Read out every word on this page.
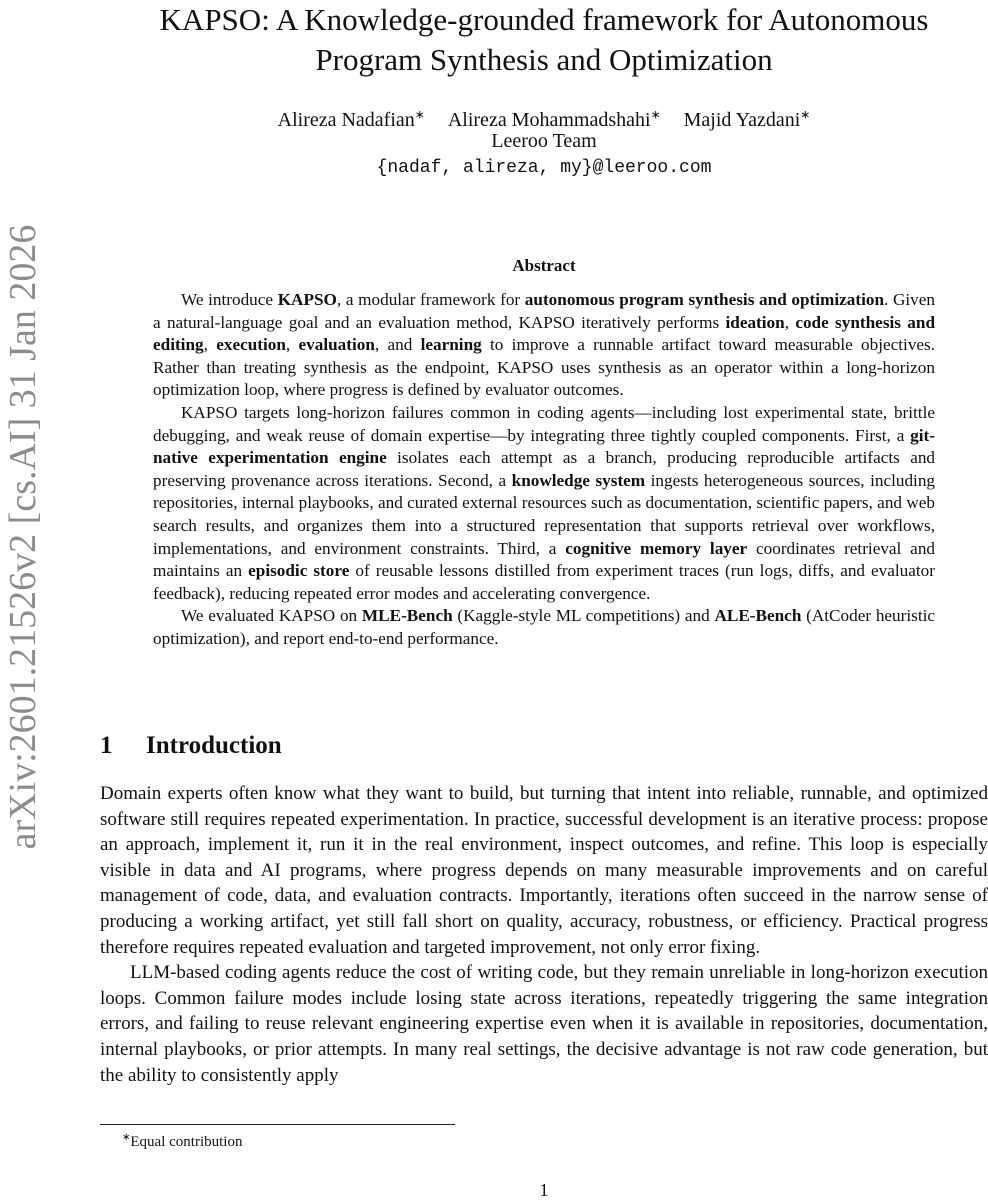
arXiv:2601.21526v2 [cs.AI] 31 Jan 2026
KAPSO: A Knowledge-grounded framework for Autonomous
Program Synthesis and Optimization
Alireza Nadafian∗ Alireza Mohammadshahi∗ Majid Yazdani∗
Leeroo Team
{nadaf, alireza, my}@leeroo.com
Abstract

We introduce KAPSO, a modular framework for autonomous program synthesis and optimization. Given a natural-language goal and an evaluation method, KAPSO iteratively performs ideation, code synthesis and editing, execution, evaluation, and learning to improve a runnable artifact toward measurable objectives. Rather than treating synthesis as the endpoint, KAPSO uses synthesis as an operator within a long-horizon optimization loop, where progress is defined by evaluator outcomes.

KAPSO targets long-horizon failures common in coding agents—including lost experimental state, brittle debugging, and weak reuse of domain expertise—by integrating three tightly coupled components. First, a git-native experimentation engine isolates each attempt as a branch, producing reproducible artifacts and preserving provenance across iterations. Second, a knowledge system ingests heterogeneous sources, including repositories, internal playbooks, and curated external resources such as documentation, scientific papers, and web search results, and organizes them into a structured representation that supports retrieval over workflows, implementations, and environment constraints. Third, a cognitive memory layer coordinates retrieval and maintains an episodic store of reusable lessons distilled from experiment traces (run logs, diffs, and evaluator feedback), reducing repeated error modes and accelerating convergence.

We evaluated KAPSO on MLE-Bench (Kaggle-style ML competitions) and ALE-Bench (AtCoder heuristic optimization), and report end-to-end performance.

1 Introduction

Domain experts often know what they want to build, but turning that intent into reliable, runnable, and optimized software still requires repeated experimentation. In practice, successful development is an iterative process: propose an approach, implement it, run it in the real environment, inspect outcomes, and refine. This loop is especially visible in data and AI programs, where progress depends on many measurable improvements and on careful management of code, data, and evaluation contracts. Importantly, iterations often succeed in the narrow sense of producing a working artifact, yet still fall short on quality, accuracy, robustness, or efficiency. Practical progress therefore requires repeated evaluation and targeted improvement, not only error fixing.

LLM-based coding agents reduce the cost of writing code, but they remain unreliable in long-horizon execution loops. Common failure modes include losing state across iterations, repeatedly triggering the same integration errors, and failing to reuse relevant engineering expertise even when it is available in repositories, documentation, internal playbooks, or prior attempts. In many real settings, the decisive advantage is not raw code generation, but the ability to consistently apply

∗Equal contribution
1
